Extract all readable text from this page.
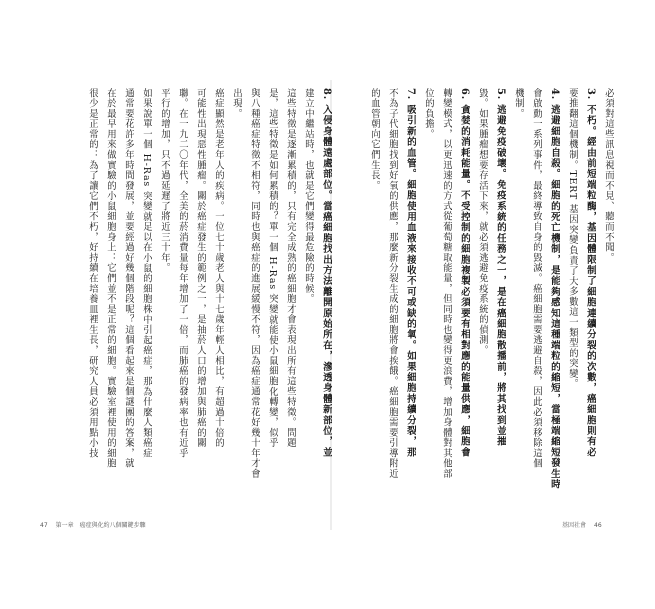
必須對這些訊息視而不見、聽而不聞。

3. 不朽。經由前短端粒酶，基因體限制了細胞連續分裂的次數，癌細胞則有必

要推翻這個機制。TERT 基因突變負責了大多數這一類型的突變。

4. 逃避細胞自殺。細胞的死亡機制，是能夠感知這種端粒的縮短，當極端縮短發生時

會啟動一系列事件，最終導致自身的毀滅。癌細胞需要逃避自殺，因此必須移除這個

機制。

5. 逃避免疫破壞。免疫系統的任務之一，是在癌細胞散播前，將其找到並摧

毀。如果腫瘤想要存活下來，就必須逃避免疫系統的偵測。

6. 貪婪的消耗能量。不受控制的細胞複製必須要有相對應的能量供應，細胞會

轉變模式，以更迅速的方式從葡萄糖取能量，但同時也變得更浪費，增加身體對其他部

位的負擔。

7. 吸引新的血管。細胞使用血液來接收不可或缺的氧。如果細胞持續分裂，那

不為子代細胞找到好氧的供應，那麼新分裂生成的細胞將會挨餓。癌細胞需要引導附近

的血管朝向它們生長。

8. 入侵身體遠處部位。當癌細胞找出方法離開原始所在，滲透身體新部位，並

建立中繼站時，也就是它們變得最危險的時候。

這些特徵是逐漸累積的，只有完全成熟的癌細胞才會表現出所有這些特徵。問題

是，這些特徵是如何累積的？單一個 H-Ras 突變就能使小鼠細胞化轉變，似乎

與八種癌症特徵不相符，同時也與癌症的進展緩慢不符，因為癌症通常花好幾十年才會

出現。

癌症顯然是老年人的疾病。一位七十歲老人與十七歲年輕人相比，有超過十倍的

可能性出現惡性腫瘤。關於癌症發生的範例之一，是抽菸人口的增加與肺癌的關

聯。在一九二〇年代，全美的菸消費量每年增加了一倍，而肺癌的發病率也有近乎

平行的增加，只不過延遲了將近三十年。

如果說單一個 H-Ras 突變就足以在小鼠的細胞株中引起癌症，那為什麼人類癌症

通常要花許多年時間發展，並要經過好幾個階段呢？這個看起來是個謎團的答案，就

在於最早用來做實驗的小鼠細胞身上：它們並不是正常的細胞。實驗室裡使用的細胞

很少是正常的：為了讓它們不朽，好持續在培養皿裡生長，研究人員必須用點小技

47 第一章　癌症與化約八個關鍵步驟	基因社會 46
